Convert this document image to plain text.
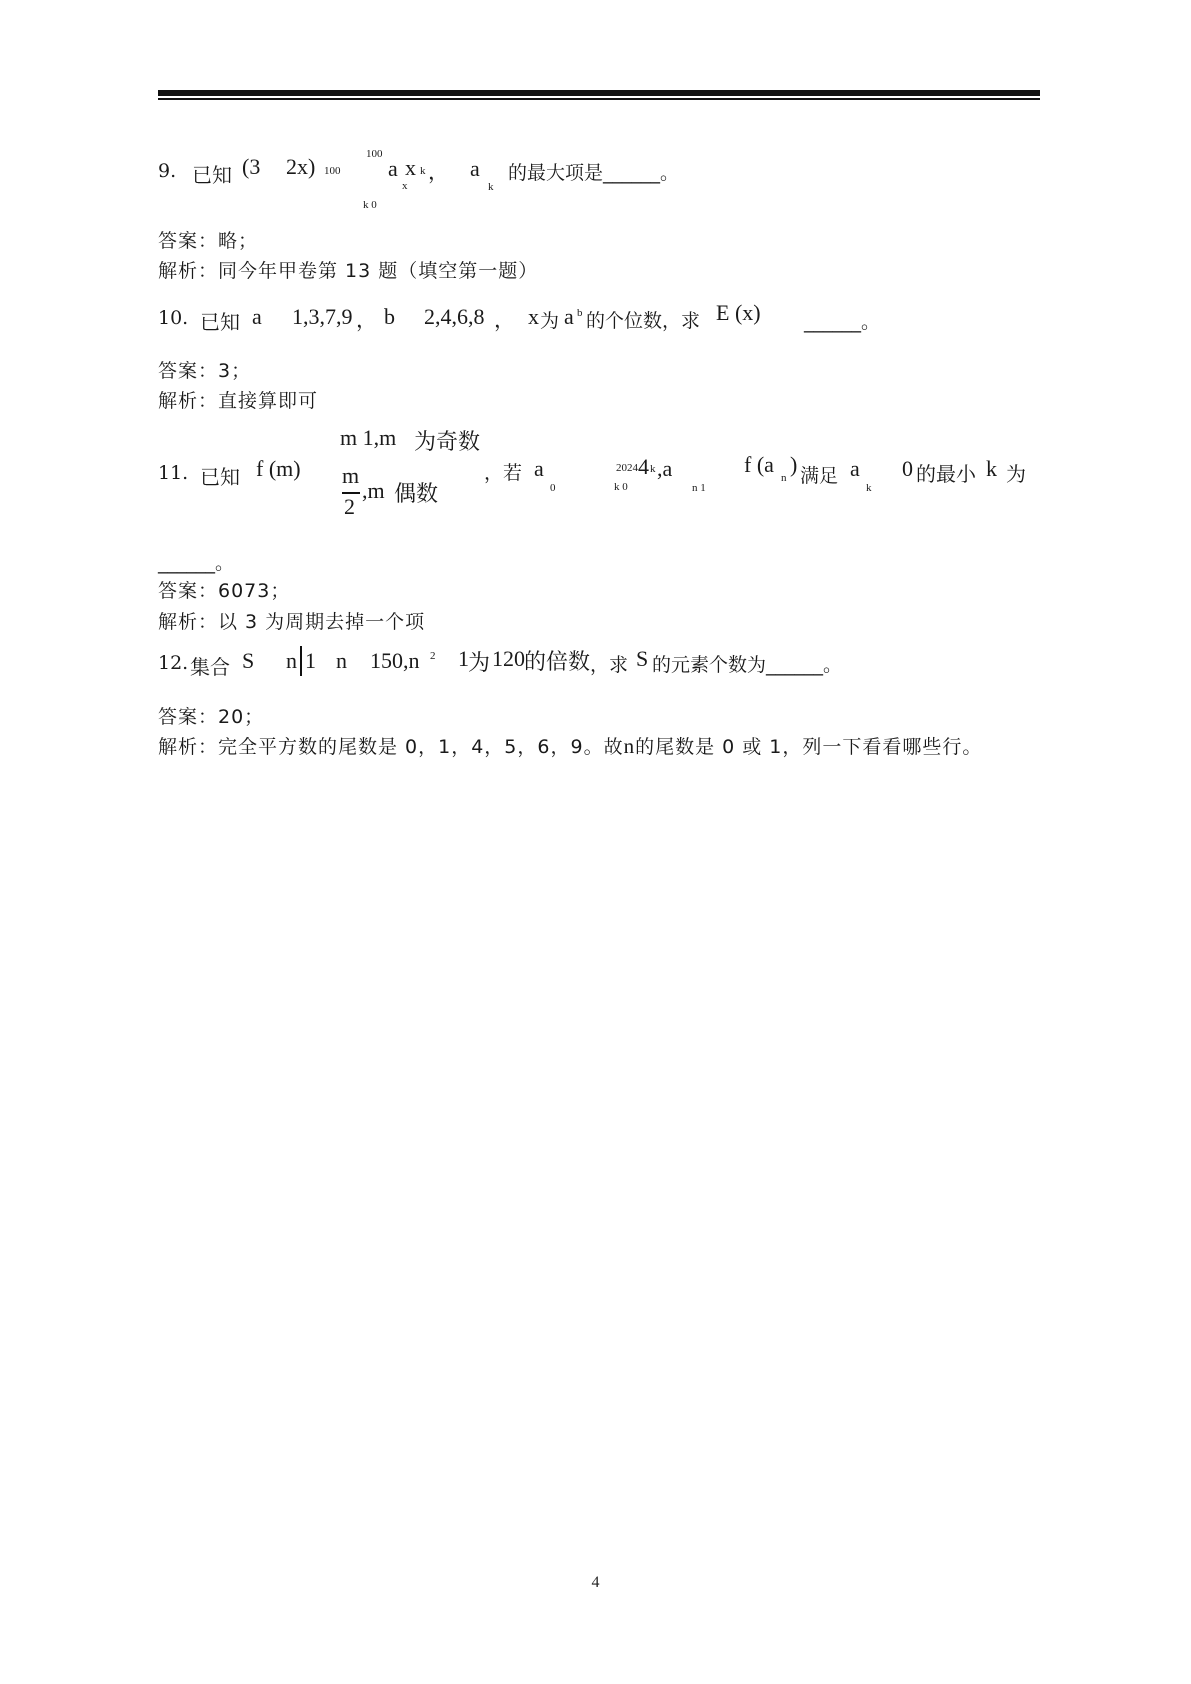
9. 已知 (3 2x) 100
100
a x k
x
k 0
， a
k
的最大项是______。
答案：略；
解析：同今年甲卷第 13 题（填空第一题）
10. 已知 a 1,3,7,9 ， b 2,4,6,8 ， x 为 a b 的个位数，求 E (x) ______。
答案：3；
解析：直接算即可
11. 已知 f (m)
m 1,m 为奇数
m
2
,m 偶数
，若 a
0
2024 4 k
k 0
,a
n 1
f (a
n
) 满足 a
k
0 的最小 k 为
______。
答案：6073；
解析：以 3 为周期去掉一个项
12. 集合 S n 1 n 150,n 2 1 为 120 的倍数 ，求 S 的元素个数为______。
答案：20；
解析：完全平方数的尾数是 0，1，4，5，6，9。故n的尾数是 0 或 1，列一下看看哪些行。
4
